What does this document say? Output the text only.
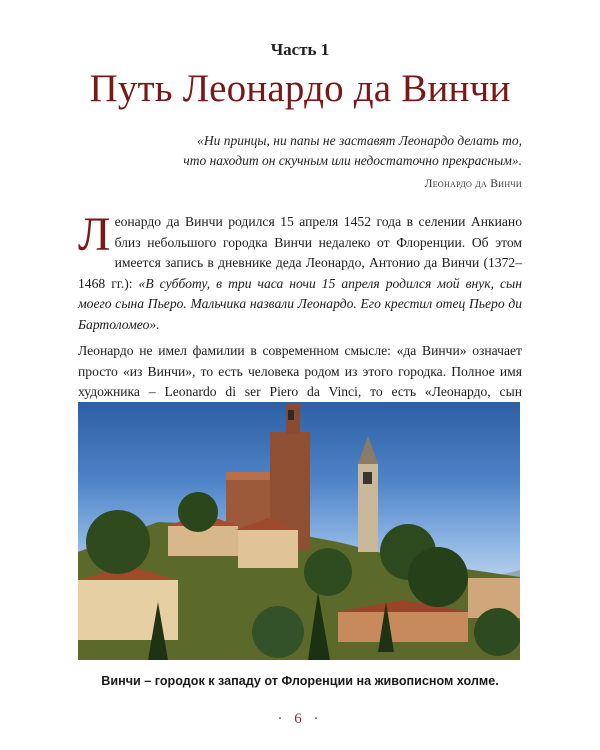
Часть 1
Путь Леонардо да Винчи
«Ни принцы, ни папы не заставят Леонардо делать то,
что находит он скучным или недостаточно прекрасным».
Леонардо да Винчи

Леонардо да Винчи родился 15 апреля 1452 года в селении Анкиано близ небольшого городка Винчи недалеко от Флоренции. Об этом имеется запись в дневнике деда Леонардо, Антонио да Винчи (1372–1468 гг.): «В субботу, в три часа ночи 15 апреля родился мой внук, сын моего сына Пьеро. Мальчика назвали Леонардо. Его крестил отец Пьеро ди Бартоломео».

Леонардо не имел фамилии в современном смысле: «да Винчи» означает просто «из Винчи», то есть человека родом из этого городка. Полное имя художника – Leonardo di ser Piero da Vinci, то есть «Леонардо, сын

Винчи – городок к западу от Флоренции на живописном холме.
· 6 ·
